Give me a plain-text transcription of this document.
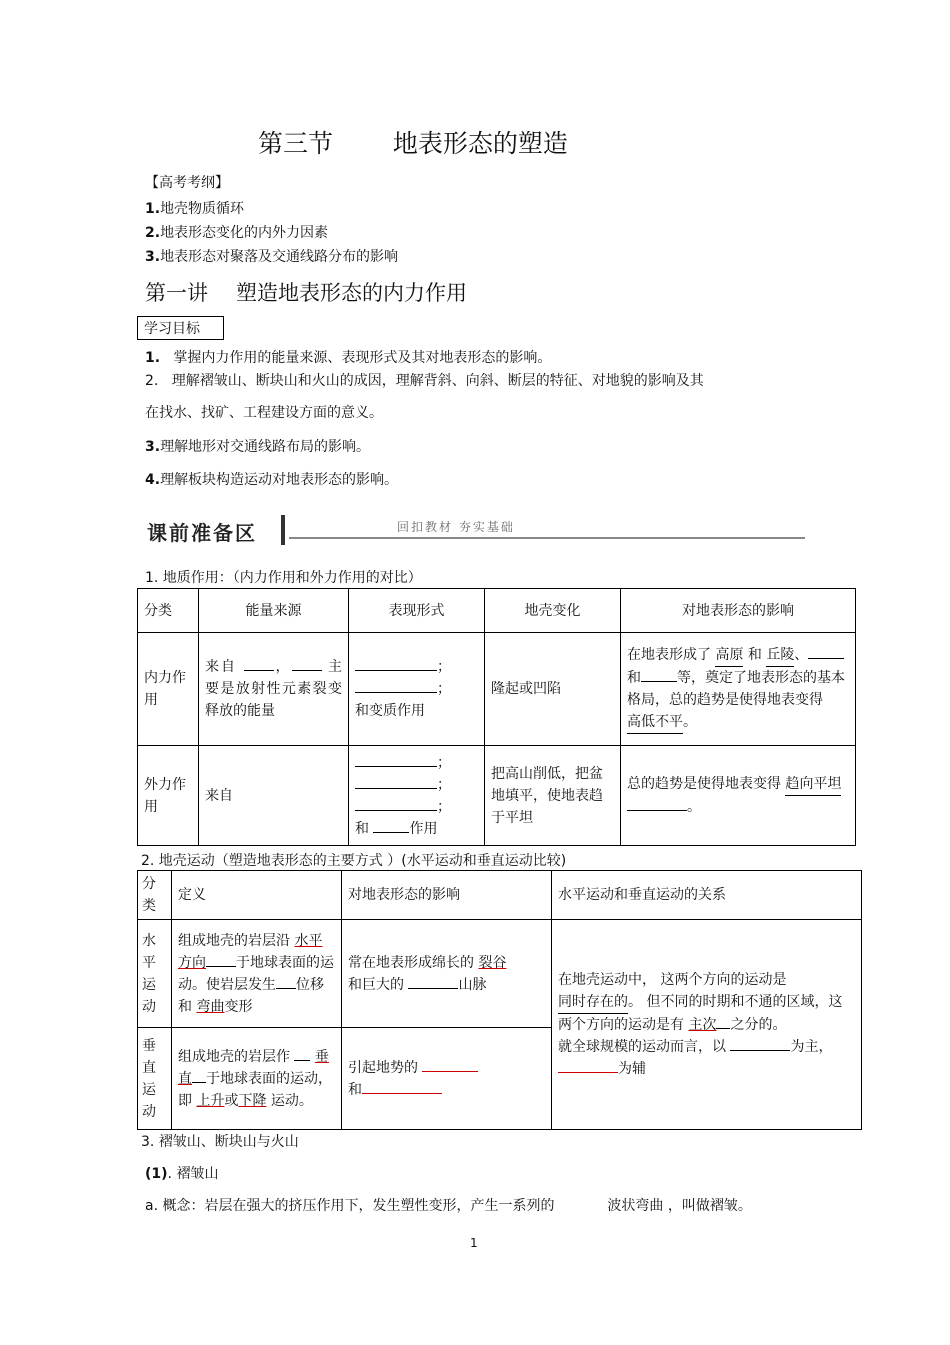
第三节 地表形态的塑造
【高考考纲】
1.地壳物质循环
2.地表形态变化的内外力因素
3.地表形态对聚落及交通线路分布的影响
第一讲 塑造地表形态的内力作用
学习目标
1. 掌握内力作用的能量来源、表现形式及其对地表形态的影响。
2. 理解褶皱山、断块山和火山的成因，理解背斜、向斜、断层的特征、对地貌的影响及其
在找水、找矿、工程建设方面的意义。
3.理解地形对交通线路布局的影响。
4.理解板块构造运动对地表形态的影响。
课前准备区	回扣教材 夯实基础
1. 地质作用：（内力作用和外力作用的对比）
分类	能量来源	表现形式	地壳变化	对地表形态的影响
内力作用	来自 ， 主要是放射性元素裂变释放的能量	；
；
和变质作用	隆起或凹陷	在地表形成了 高原 和 丘陵、和 等，奠定了地表形态的基本格局，总的趋势是使得地表变得 高低不平。
外力作用	来自	；
；
；
和 作用	把高山削低，把盆地填平，使地表趋于平坦	总的趋势是使得地表变得 趋向平坦。
2. 地壳运动（塑造地表形态的主要方式 ）(水平运动和垂直运动比较)
分类	定义	对地表形态的影响	水平运动和垂直运动的关系
水平运动	组成地壳的岩层沿 水平方向 于地球表面的运动。使岩层发生 位移和 弯曲变形	常在地表形成绵长的 裂谷
和巨大的 山脉	在地壳运动中， 这两个方向的运动是 同时存在的。 但不同的时期和不通的区域，这两个方向的运动是有 主次 之分的。
就全球规模的运动而言，以 为主， 为辅
垂直运动	组成地壳的岩层作 垂直 于地球表面的运动，即 上升或下降 运动。	引起地势的
和	
3. 褶皱山、断块山与火山
(1). 褶皱山
a. 概念：岩层在强大的挤压作用下，发生塑性变形，产生一系列的	波状弯曲 ，叫做褶皱。
1
